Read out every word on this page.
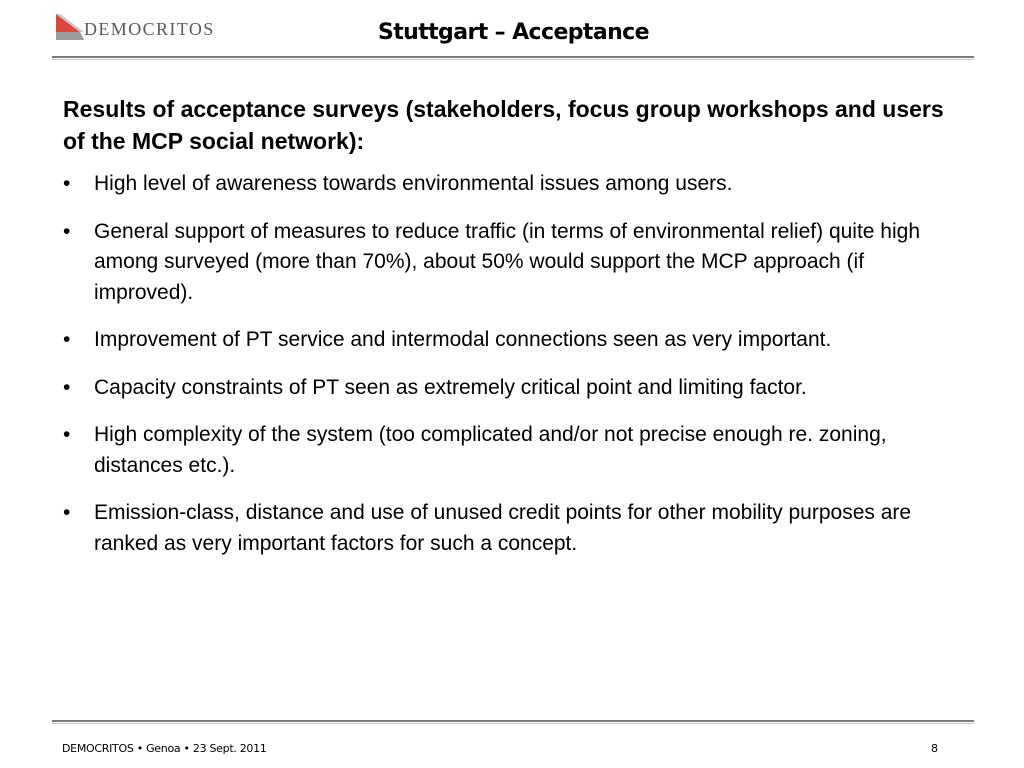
DEMOCRITOS	Stuttgart – Acceptance

Results of acceptance surveys (stakeholders, focus group workshops and users of the MCP social network):

• High level of awareness towards environmental issues among users.
• General support of measures to reduce traffic (in terms of environmental relief) quite high among surveyed (more than 70%), about 50% would support the MCP approach (if improved).
• Improvement of PT service and intermodal connections seen as very important.
• Capacity constraints of PT seen as extremely critical point and limiting factor.
• High complexity of the system (too complicated and/or not precise enough re. zoning, distances etc.).
• Emission-class, distance and use of unused credit points for other mobility purposes are ranked as very important factors for such a concept.
DEMOCRITOS • Genoa • 23 Sept. 2011	8
